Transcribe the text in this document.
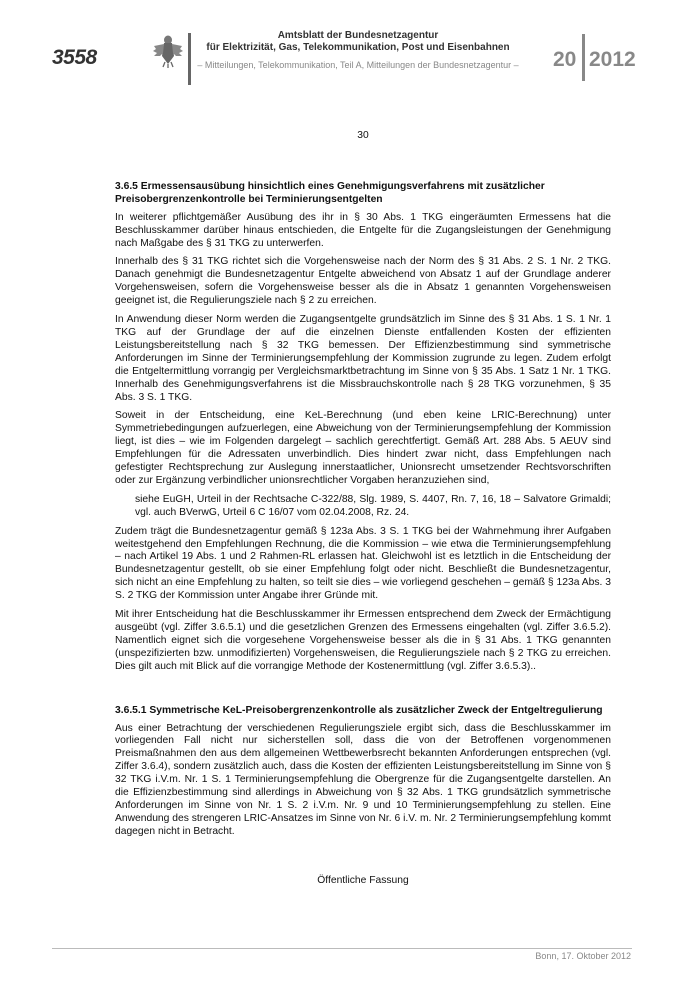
3558
Amtsblatt der Bundesnetzagentur
für Elektrizität, Gas, Telekommunikation, Post und Eisenbahnen
– Mitteilungen, Telekommunikation, Teil A, Mitteilungen der Bundesnetzagentur –	20 2012
30
3.6.5 Ermessensausübung hinsichtlich eines Genehmigungsverfahrens mit zusätzlicher Preisobergrenzenkontrolle bei Terminierungsentgelten

In weiterer pflichtgemäßer Ausübung des ihr in § 30 Abs. 1 TKG eingeräumten Ermessens hat die Beschlusskammer darüber hinaus entschieden, die Entgelte für die Zugangsleistungen der Genehmigung nach Maßgabe des § 31 TKG zu unterwerfen.

Innerhalb des § 31 TKG richtet sich die Vorgehensweise nach der Norm des § 31 Abs. 2 S. 1 Nr. 2 TKG. Danach genehmigt die Bundesnetzagentur Entgelte abweichend von Absatz 1 auf der Grundlage anderer Vorgehensweisen, sofern die Vorgehensweise besser als die in Absatz 1 genannten Vorgehensweisen geeignet ist, die Regulierungsziele nach § 2 zu erreichen.

In Anwendung dieser Norm werden die Zugangsentgelte grundsätzlich im Sinne des § 31 Abs. 1 S. 1 Nr. 1 TKG auf der Grundlage der auf die einzelnen Dienste entfallenden Kosten der effizienten Leistungsbereitstellung nach § 32 TKG bemessen. Der Effizienzbestimmung sind symmetrische Anforderungen im Sinne der Terminierungsempfehlung der Kommission zugrunde zu legen. Zudem erfolgt die Entgeltermittlung vorrangig per Vergleichsmarktbetrachtung im Sinne von § 35 Abs. 1 Satz 1 Nr. 1 TKG. Innerhalb des Genehmigungsverfahrens ist die Missbrauchskontrolle nach § 28 TKG vorzunehmen, § 35 Abs. 3 S. 1 TKG.

Soweit in der Entscheidung, eine KeL-Berechnung (und eben keine LRIC-Berechnung) unter Symmetriebedingungen aufzuerlegen, eine Abweichung von der Terminierungsempfehlung der Kommission liegt, ist dies – wie im Folgenden dargelegt – sachlich gerechtfertigt. Gemäß Art. 288 Abs. 5 AEUV sind Empfehlungen für die Adressaten unverbindlich. Dies hindert zwar nicht, dass Empfehlungen nach gefestigter Rechtsprechung zur Auslegung innerstaatlicher, Unionsrecht umsetzender Rechtsvorschriften oder zur Ergänzung verbindlicher unionsrechtlicher Vorgaben heranzuziehen sind,

siehe EuGH, Urteil in der Rechtsache C-322/88, Slg. 1989, S. 4407, Rn. 7, 16, 18 – Salvatore Grimaldi; vgl. auch BVerwG, Urteil 6 C 16/07 vom 02.04.2008, Rz. 24.

Zudem trägt die Bundesnetzagentur gemäß § 123a Abs. 3 S. 1 TKG bei der Wahrnehmung ihrer Aufgaben weitestgehend den Empfehlungen Rechnung, die die Kommission – wie etwa die Terminierungsempfehlung – nach Artikel 19 Abs. 1 und 2 Rahmen-RL erlassen hat. Gleichwohl ist es letztlich in die Entscheidung der Bundesnetzagentur gestellt, ob sie einer Empfehlung folgt oder nicht. Beschließt die Bundesnetzagentur, sich nicht an eine Empfehlung zu halten, so teilt sie dies – wie vorliegend geschehen – gemäß § 123a Abs. 3 S. 2 TKG der Kommission unter Angabe ihrer Gründe mit.

Mit ihrer Entscheidung hat die Beschlusskammer ihr Ermessen entsprechend dem Zweck der Ermächtigung ausgeübt (vgl. Ziffer 3.6.5.1) und die gesetzlichen Grenzen des Ermessens eingehalten (vgl. Ziffer 3.6.5.2). Namentlich eignet sich die vorgesehene Vorgehensweise besser als die in § 31 Abs. 1 TKG genannten (unspezifizierten bzw. unmodifizierten) Vorgehensweisen, die Regulierungsziele nach § 2 TKG zu erreichen. Dies gilt auch mit Blick auf die vorrangige Methode der Kostenermittlung (vgl. Ziffer 3.6.5.3)..

3.6.5.1 Symmetrische KeL-Preisobergrenzenkontrolle als zusätzlicher Zweck der Entgeltregulierung

Aus einer Betrachtung der verschiedenen Regulierungsziele ergibt sich, dass die Beschlusskammer im vorliegenden Fall nicht nur sicherstellen soll, dass die von der Betroffenen vorgenommenen Preismaßnahmen den aus dem allgemeinen Wettbewerbsrecht bekannten Anforderungen entsprechen (vgl. Ziffer 3.6.4), sondern zusätzlich auch, dass die Kosten der effizienten Leistungsbereitstellung im Sinne von § 32 TKG i.V.m. Nr. 1 S. 1 Terminierungsempfehlung die Obergrenze für die Zugangsentgelte darstellen. An die Effizienzbestimmung sind allerdings in Abweichung von § 32 Abs. 1 TKG grundsätzlich symmetrische Anforderungen im Sinne von Nr. 1 S. 2 i.V.m. Nr. 9 und 10 Terminierungsempfehlung zu stellen. Eine Anwendung des strengeren LRIC-Ansatzes im Sinne von Nr. 6 i.V. m. Nr. 2 Terminierungsempfehlung kommt dagegen nicht in Betracht.

Öffentliche Fassung
Bonn, 17. Oktober 2012
